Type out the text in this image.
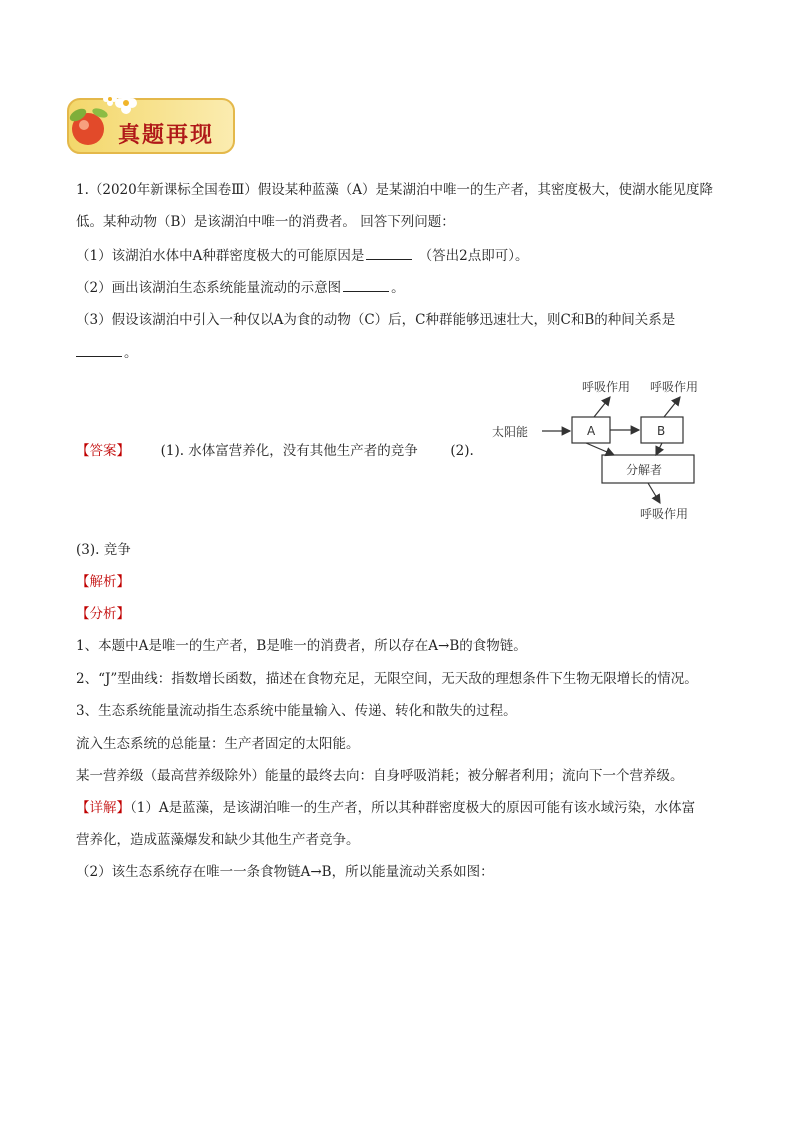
真题再现
1.（2020年新课标全国卷Ⅲ）假设某种蓝藻（A）是某湖泊中唯一的生产者，其密度极大，使湖水能见度降
低。某种动物（B）是该湖泊中唯一的消费者。 回答下列问题：
（1）该湖泊水体中A种群密度极大的可能原因是	（答出2点即可）。
（2）画出该湖泊生态系统能量流动的示意图	。
（3）假设该湖泊中引入一种仅以A为食的动物（C）后，C种群能够迅速壮大，则C和B的种间关系是
。
【答案】 (1). 水体富营养化，没有其他生产者的竞争 (2).
太阳能
呼吸作用 呼吸作用
呼吸作用
A	B
分解者
(3). 竞争
【解析】
【分析】
1、本题中A是唯一的生产者，B是唯一的消费者，所以存在A→B的食物链。
2、“J”型曲线：指数增长函数，描述在食物充足，无限空间，无天敌的理想条件下生物无限增长的情况。
3、生态系统能量流动指生态系统中能量输入、传递、转化和散失的过程。
流入生态系统的总能量：生产者固定的太阳能。
某一营养级（最高营养级除外）能量的最终去向：自身呼吸消耗；被分解者利用；流向下一个营养级。
【详解】（1）A是蓝藻，是该湖泊唯一的生产者，所以其种群密度极大的原因可能有该水域污染，水体富
营养化，造成蓝藻爆发和缺少其他生产者竞争。
（2）该生态系统存在唯一一条食物链A→B，所以能量流动关系如图：
